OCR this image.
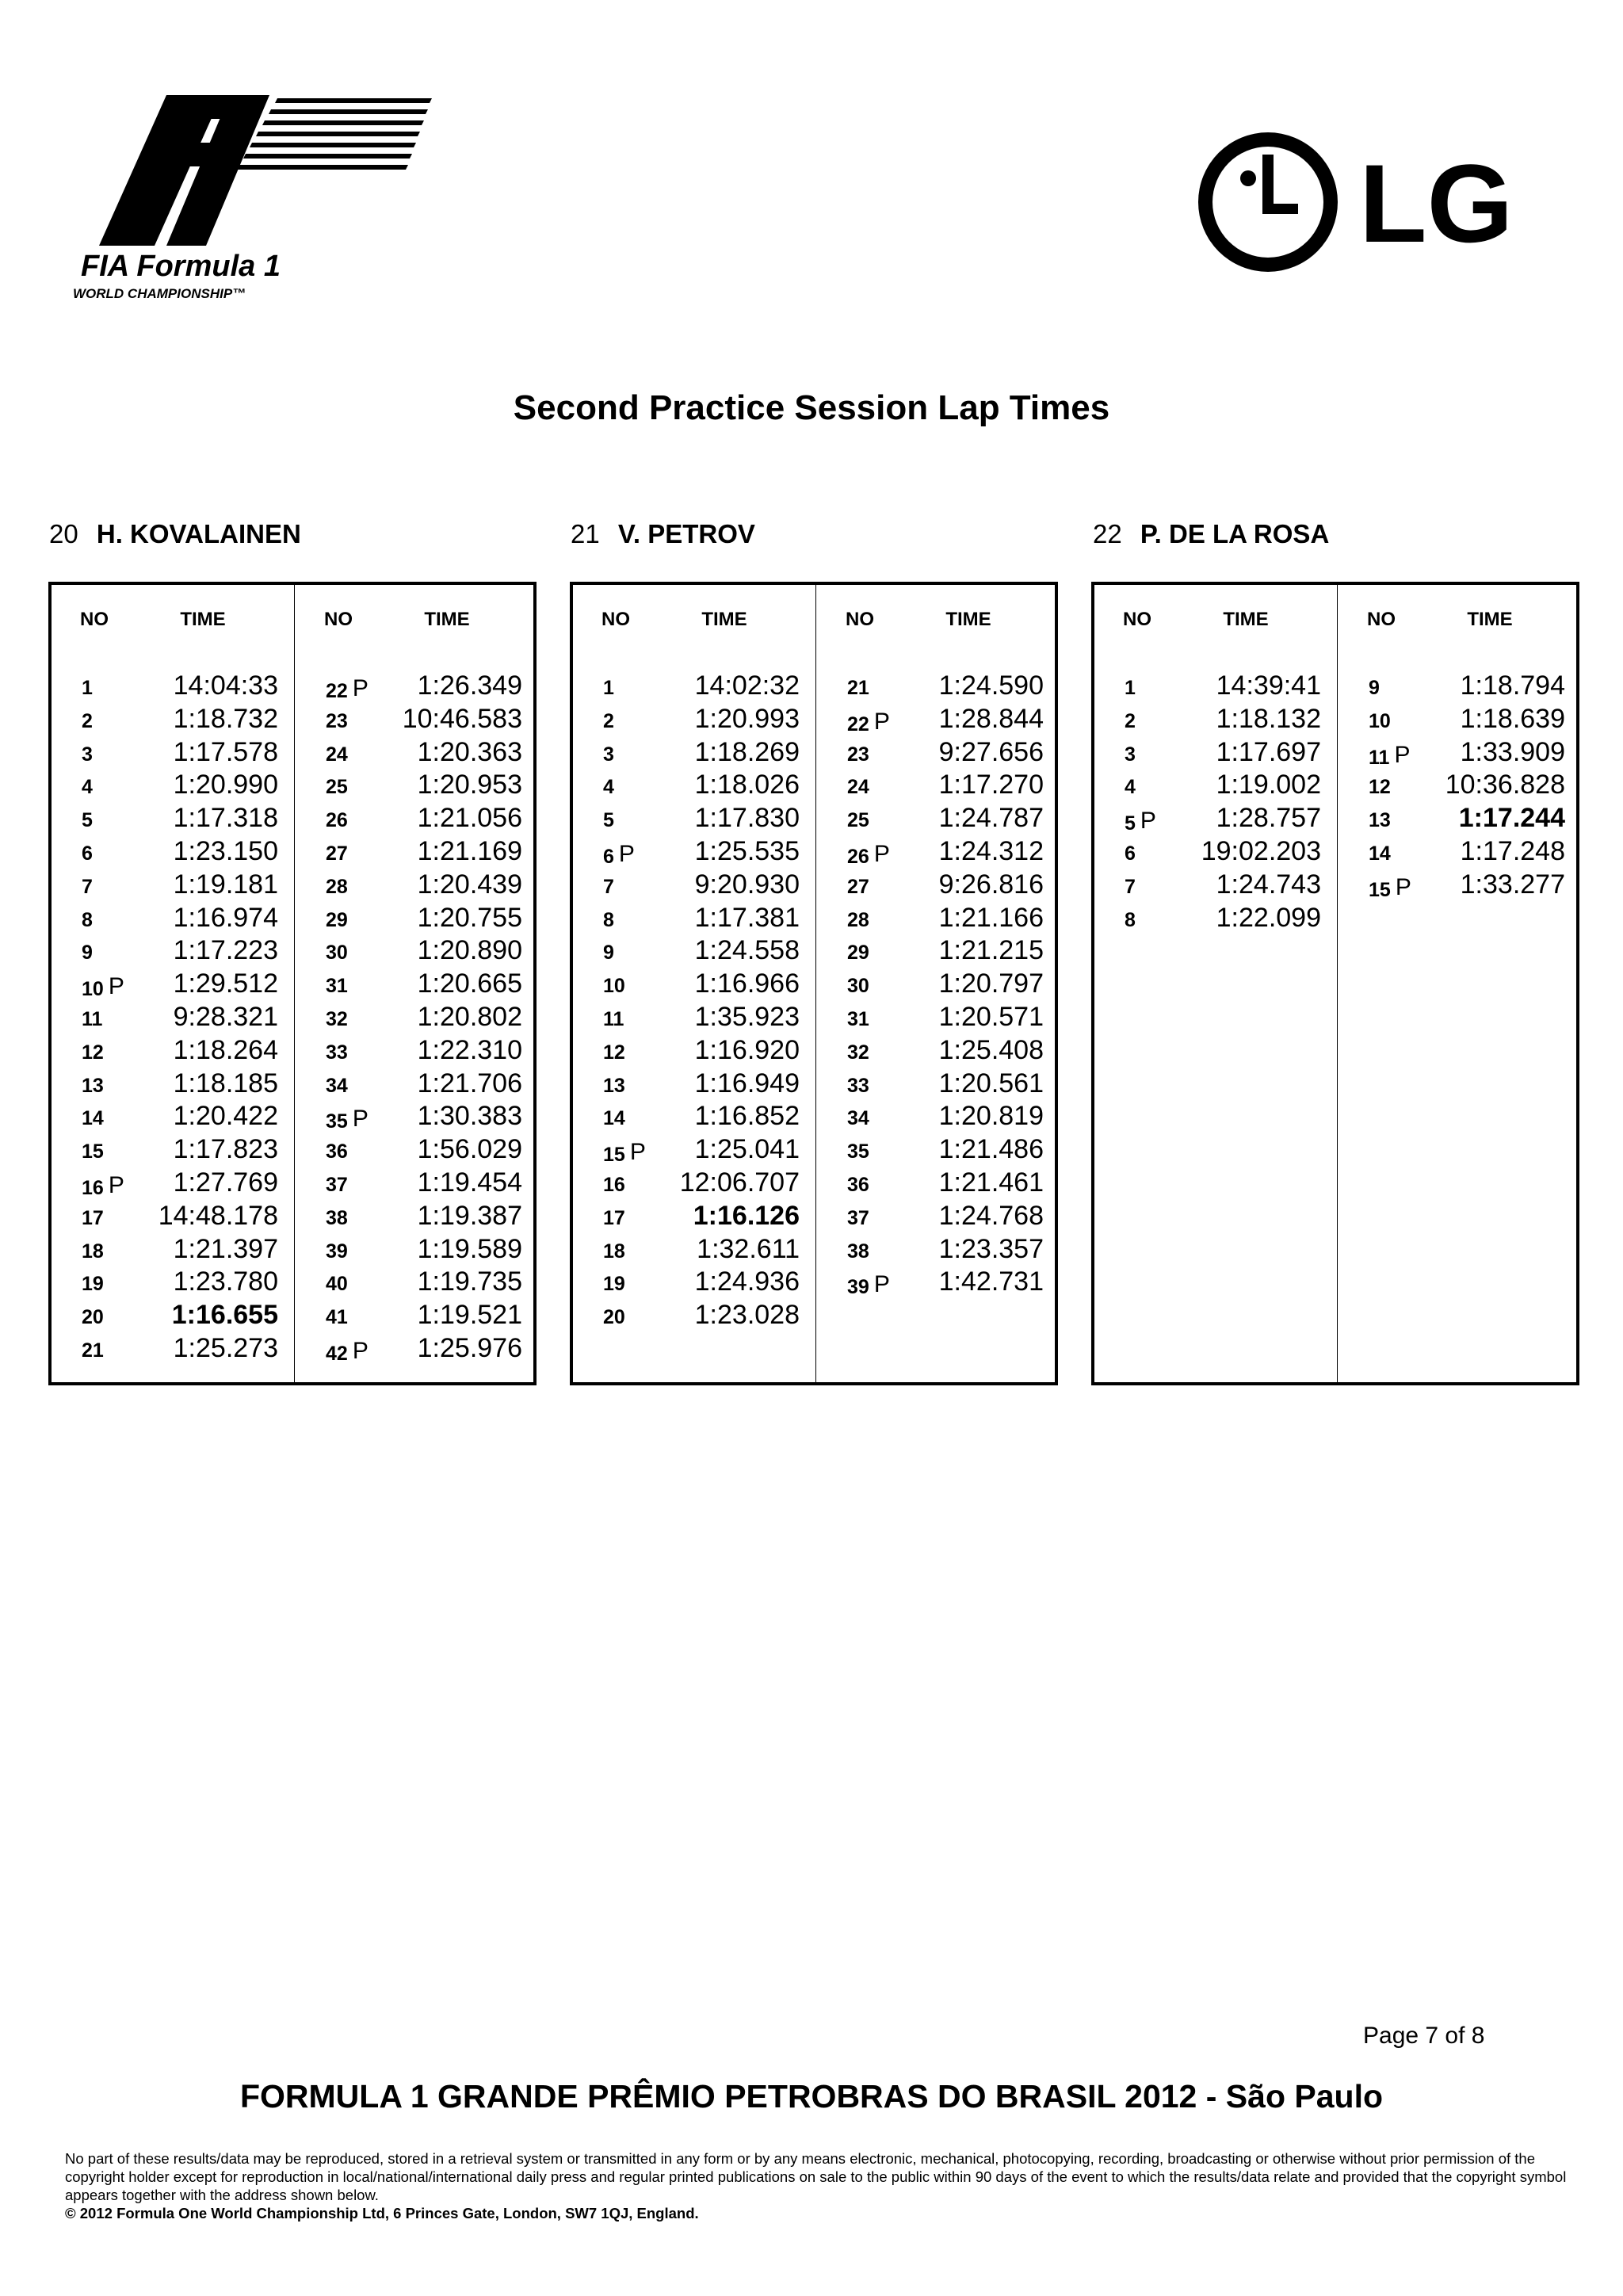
FIA Formula 1
WORLD CHAMPIONSHIP™
LG
Second Practice Session Lap Times
20 H. KOVALAINEN
NO	TIME
1	14:04:33
2	1:18.732
3	1:17.578
4	1:20.990
5	1:17.318
6	1:23.150
7	1:19.181
8	1:16.974
9	1:17.223
10 P 1:29.512
11	9:28.321
12	1:18.264
13	1:18.185
14	1:20.422
15	1:17.823
16 P 1:27.769
17 14:48.178
18	1:21.397
19	1:23.780
20	1:16.655
21	1:25.273
NO	TIME
22 P 1:26.349
23 10:46.583
24	1:20.363
25	1:20.953
26	1:21.056
27	1:21.169
28	1:20.439
29	1:20.755
30	1:20.890
31	1:20.665
32	1:20.802
33	1:22.310
34	1:21.706
35 P 1:30.383
36	1:56.029
37	1:19.454
38	1:19.387
39	1:19.589
40	1:19.735
41	1:19.521
42 P 1:25.976
21 V. PETROV
NO	TIME
1	14:02:32
2	1:20.993
3	1:18.269
4	1:18.026
5	1:17.830
6 P 1:25.535
7	9:20.930
8	1:17.381
9	1:24.558
10	1:16.966
11	1:35.923
12	1:16.920
13	1:16.949
14	1:16.852
15 P 1:25.041
16 12:06.707
17	1:16.126
18	1:32.611
19	1:24.936
20	1:23.028
NO	TIME
21	1:24.590
22 P 1:28.844
23	9:27.656
24	1:17.270
25	1:24.787
26 P 1:24.312
27	9:26.816
28	1:21.166
29	1:21.215
30	1:20.797
31	1:20.571
32	1:25.408
33	1:20.561
34	1:20.819
35	1:21.486
36	1:21.461
37	1:24.768
38	1:23.357
39 P 1:42.731
22 P. DE LA ROSA
NO	TIME
1	14:39:41
2	1:18.132
3	1:17.697
4	1:19.002
5 P 1:28.757
6 19:02.203
7	1:24.743
8	1:22.099
NO	TIME
9	1:18.794
10	1:18.639
11 P 1:33.909
12 10:36.828
13	1:17.244
14	1:17.248
15 P 1:33.277
Page 7 of 8
FORMULA 1 GRANDE PRÊMIO PETROBRAS DO BRASIL 2012 - São Paulo
No part of these results/data may be reproduced, stored in a retrieval system or transmitted in any form or by any means electronic, mechanical, photocopying, recording, broadcasting or otherwise without prior permission of the copyright holder except for reproduction in local/national/international daily press and regular printed publications on sale to the public within 90 days of the event to which the results/data relate and provided that the copyright symbol appears together with the address shown below.
© 2012 Formula One World Championship Ltd, 6 Princes Gate, London, SW7 1QJ, England.
